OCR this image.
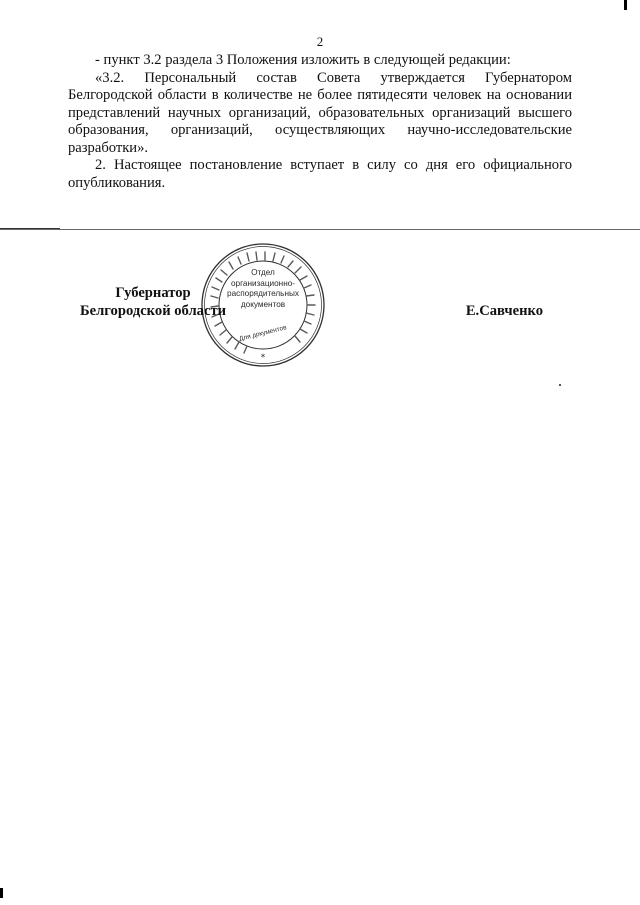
2

- пункт 3.2 раздела 3 Положения изложить в следующей редакции:

«3.2. Персональный состав Совета утверждается Губернатором Белгородской области в количестве не более пятидесяти человек на основании представлений научных организаций, образовательных организаций высшего образования, организаций, осуществляющих научно-исследовательские разработки».

2. Настоящее постановление вступает в силу со дня его официального опубликования.

*
Отдел
организационно-
распорядительных
документов
Для документов
Губернатор
Белгородской области	Е.Савченко
